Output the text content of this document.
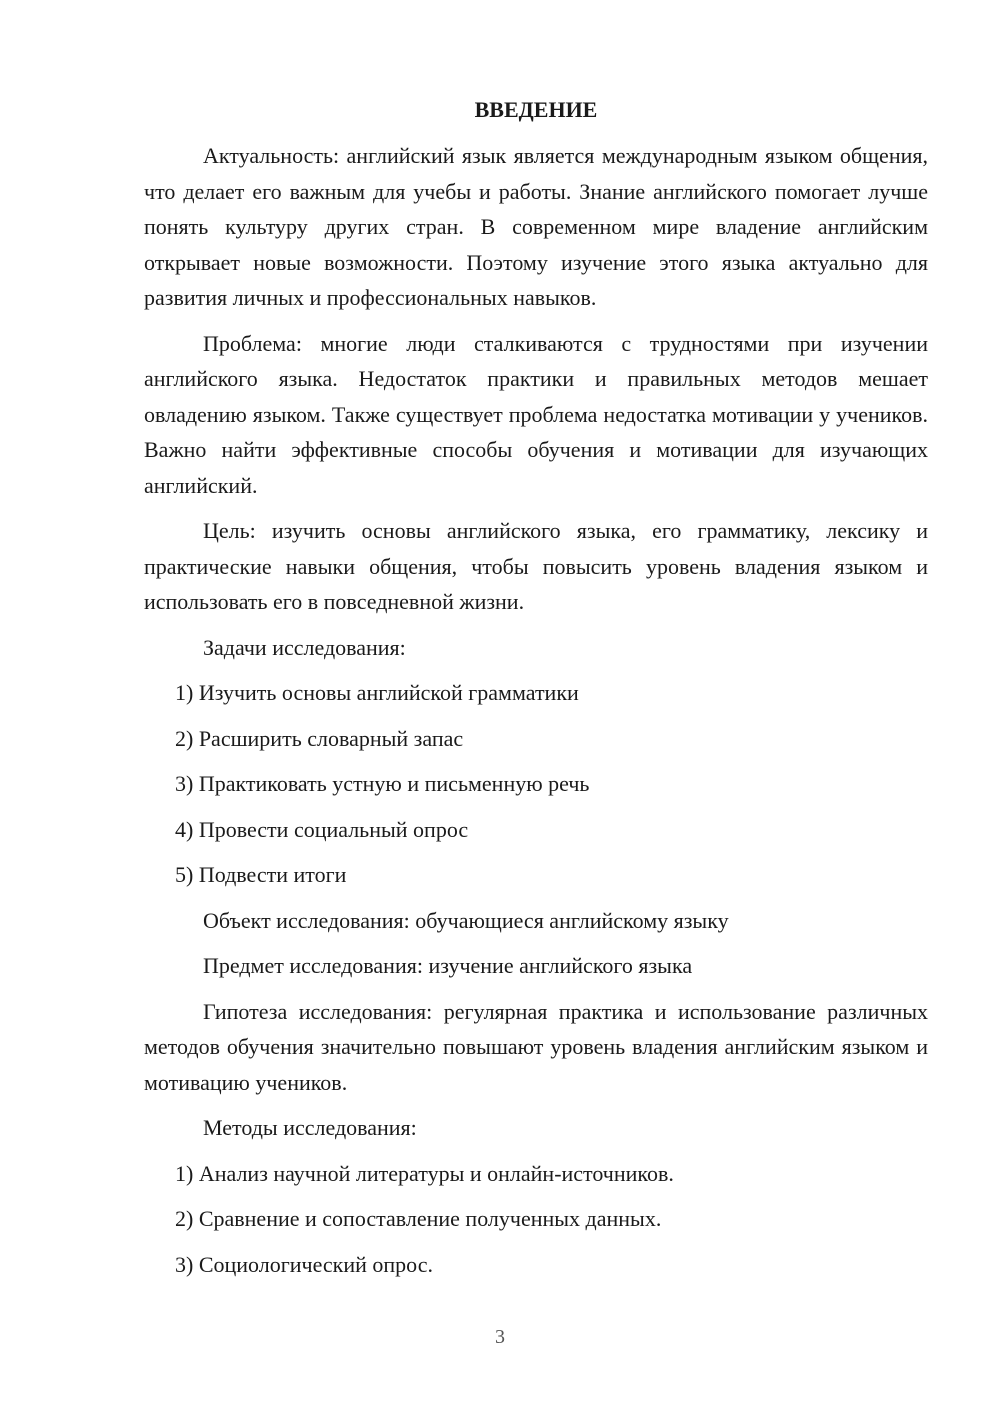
ВВЕДЕНИЕ

Актуальность: английский язык является международным языком общения, что делает его важным для учебы и работы. Знание английского помогает лучше понять культуру других стран. В современном мире владение английским открывает новые возможности. Поэтому изучение этого языка актуально для развития личных и профессиональных навыков.

Проблема: многие люди сталкиваются с трудностями при изучении английского языка. Недостаток практики и правильных методов мешает овладению языком. Также существует проблема недостатка мотивации у учеников. Важно найти эффективные способы обучения и мотивации для изучающих английский.

Цель: изучить основы английского языка, его грамматику, лексику и практические навыки общения, чтобы повысить уровень владения языком и использовать его в повседневной жизни.

Задачи исследования:
1) Изучить основы английской грамматики
2) Расширить словарный запас
3) Практиковать устную и письменную речь
4) Провести социальный опрос
5) Подвести итоги
Объект исследования: обучающиеся английскому языку
Предмет исследования: изучение английского языка

Гипотеза исследования: регулярная практика и использование различных методов обучения значительно повышают уровень владения английским языком и мотивацию учеников.

Методы исследования:
1) Анализ научной литературы и онлайн-источников.
2) Сравнение и сопоставление полученных данных.
3) Социологический опрос.
3
